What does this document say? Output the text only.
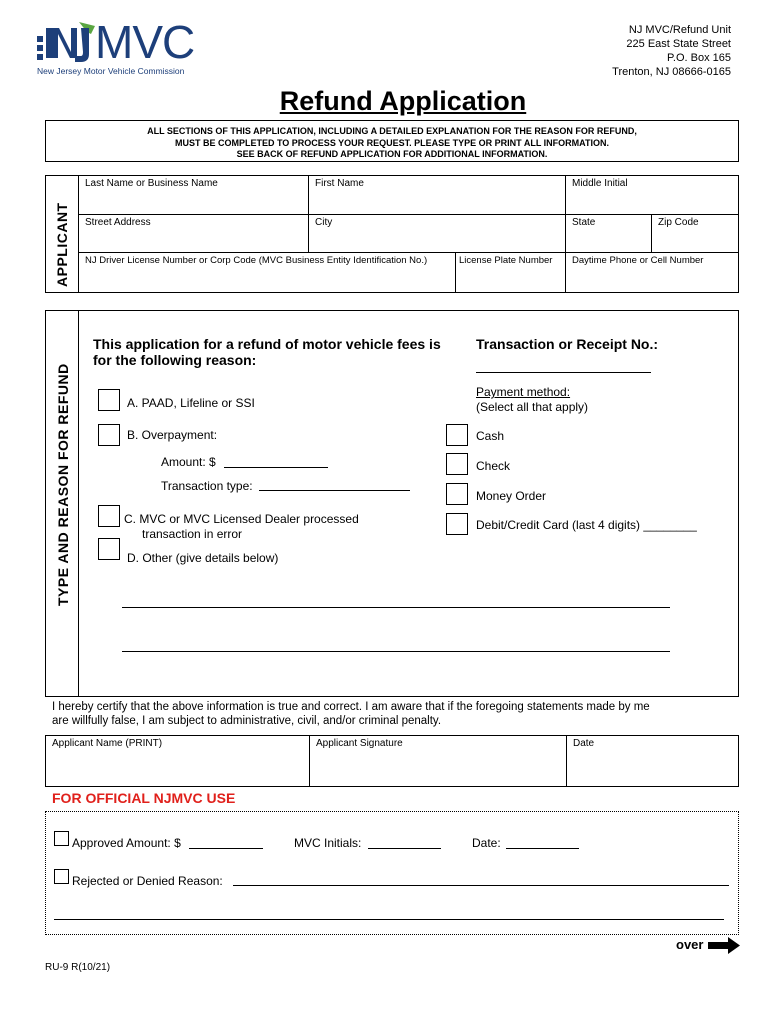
MVC
New Jersey Motor Vehicle Commission
NJ MVC/Refund Unit
225 East State Street
P.O. Box 165
Trenton, NJ 08666-0165
Refund Application
ALL SECTIONS OF THIS APPLICATION, INCLUDING A DETAILED EXPLANATION FOR THE REASON FOR REFUND,
MUST BE COMPLETED TO PROCESS YOUR REQUEST. PLEASE TYPE OR PRINT ALL INFORMATION.
SEE BACK OF REFUND APPLICATION FOR ADDITIONAL INFORMATION.
APPLICANT
Last Name or Business Name	First Name	Middle Initial
Street Address	City	State	Zip Code
NJ Driver License Number or Corp Code (MVC Business Entity Identification No.)	License Plate Number	Daytime Phone or Cell Number
TYPE AND REASON FOR REFUND
This application for a refund of motor vehicle fees is
for the following reason:
Transaction or Receipt No.:
A. PAAD, Lifeline or SSI
B. Overpayment:
Amount: $
Transaction type:
C. MVC or MVC Licensed Dealer processed
transaction in error
D. Other (give details below)
Payment method:
(Select all that apply)
Cash
Check
Money Order
Debit/Credit Card (last 4 digits) ________
I hereby certify that the above information is true and correct. I am aware that if the foregoing statements made by me
are willfully false, I am subject to administrative, civil, and/or criminal penalty.
Applicant Name (PRINT)	Applicant Signature	Date
FOR OFFICIAL NJMVC USE
Approved Amount: $	MVC Initials:	Date:
Rejected or Denied Reason:
over
RU-9 R(10/21)
